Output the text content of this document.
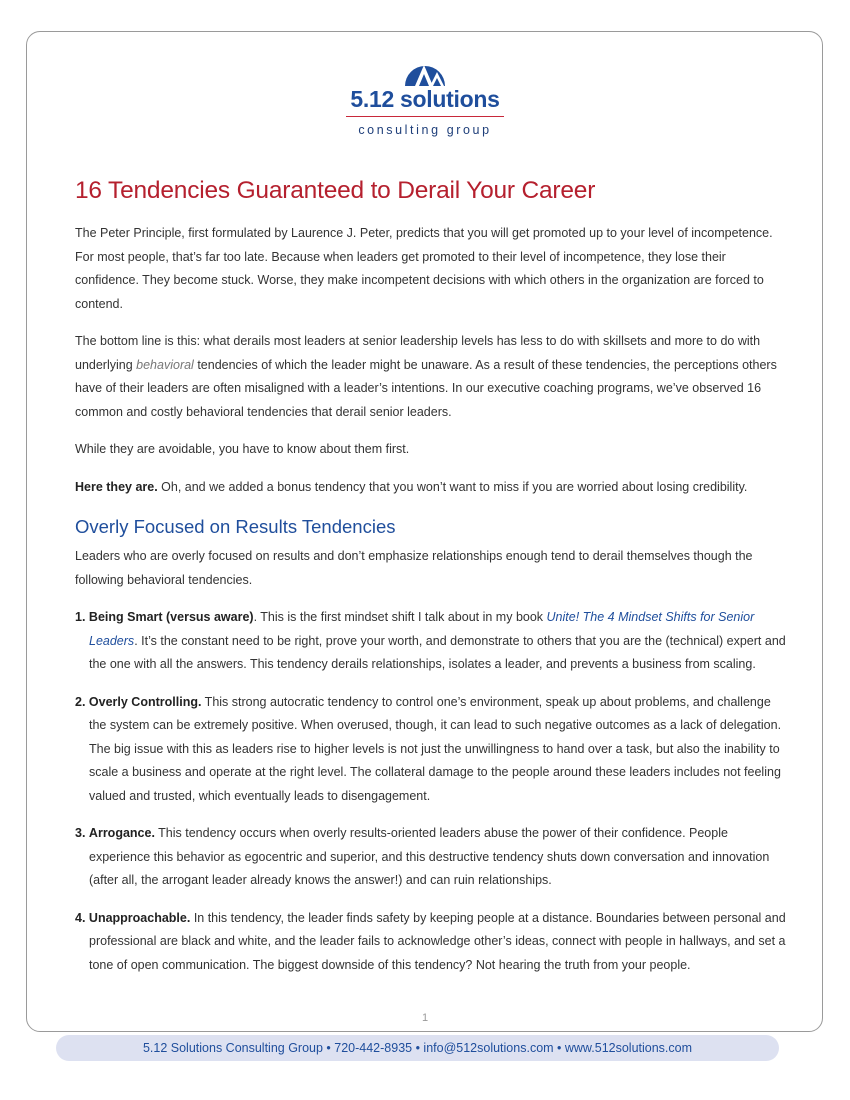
5.12 solutions
consulting group
16 Tendencies Guaranteed to Derail Your Career

The Peter Principle, first formulated by Laurence J. Peter, predicts that you will get promoted up to your level of incompetence. For most people, that’s far too late. Because when leaders get promoted to their level of incompetence, they lose their confidence. They become stuck. Worse, they make incompetent decisions with which others in the organization are forced to contend.

The bottom line is this: what derails most leaders at senior leadership levels has less to do with skillsets and more to do with underlying behavioral tendencies of which the leader might be unaware. As a result of these tendencies, the perceptions others have of their leaders are often misaligned with a leader’s intentions. In our executive coaching programs, we’ve observed 16 common and costly behavioral tendencies that derail senior leaders.

While they are avoidable, you have to know about them first.

Here they are. Oh, and we added a bonus tendency that you won’t want to miss if you are worried about losing credibility.

Overly Focused on Results Tendencies

Leaders who are overly focused on results and don’t emphasize relationships enough tend to derail themselves though the following behavioral tendencies.

1. Being Smart (versus aware). This is the first mindset shift I talk about in my book Unite! The 4 Mindset Shifts for Senior Leaders. It’s the constant need to be right, prove your worth, and demonstrate to others that you are the (technical) expert and the one with all the answers. This tendency derails relationships, isolates a leader, and prevents a business from scaling.
2. Overly Controlling. This strong autocratic tendency to control one’s environment, speak up about problems, and challenge the system can be extremely positive. When overused, though, it can lead to such negative outcomes as a lack of delegation. The big issue with this as leaders rise to higher levels is not just the unwillingness to hand over a task, but also the inability to scale a business and operate at the right level. The collateral damage to the people around these leaders includes not feeling valued and trusted, which eventually leads to disengagement.
3. Arrogance. This tendency occurs when overly results-oriented leaders abuse the power of their confidence. People experience this behavior as egocentric and superior, and this destructive tendency shuts down conversation and innovation (after all, the arrogant leader already knows the answer!) and can ruin relationships.
4. Unapproachable. In this tendency, the leader finds safety by keeping people at a distance. Boundaries between personal and professional are black and white, and the leader fails to acknowledge other’s ideas, connect with people in hallways, and set a tone of open communication. The biggest downside of this tendency? Not hearing the truth from your people.
1
5.12 Solutions Consulting Group • 720-442-8935 • info@512solutions.com • www.512solutions.com
